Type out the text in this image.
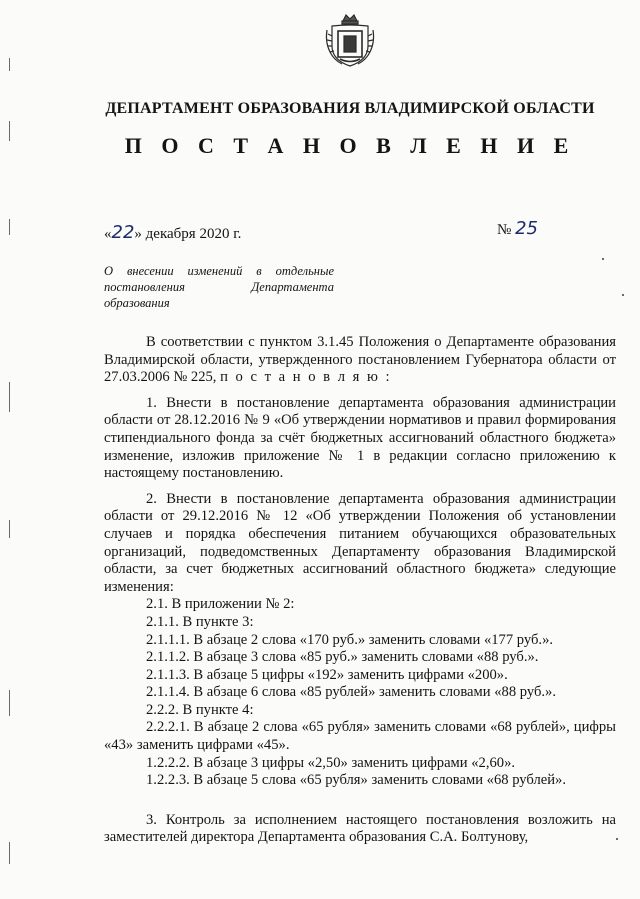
ДЕПАРТАМЕНТ ОБРАЗОВАНИЯ ВЛАДИМИРСКОЙ ОБЛАСТИ
П О С Т А Н О В Л Е Н И Е
«22» декабря 2020 г.	№ 25
О внесении изменений в отдельные постановления Департамента образования

В соответствии с пунктом 3.1.45 Положения о Департаменте образования Владимирской области, утвержденного постановлением Губернатора области от 27.03.2006 № 225, п о с т а н о в л я ю :

1. Внести в постановление департамента образования администрации области от 28.12.2016 № 9 «Об утверждении нормативов и правил формирования стипендиального фонда за счёт бюджетных ассигнований областного бюджета» изменение, изложив приложение № 1 в редакции согласно приложению к настоящему постановлению.

2. Внести в постановление департамента образования администрации области от 29.12.2016 № 12 «Об утверждении Положения об установлении случаев и порядка обеспечения питанием обучающихся образовательных организаций, подведомственных Департаменту образования Владимирской области, за счет бюджетных ассигнований областного бюджета» следующие изменения:

2.1. В приложении № 2:

2.1.1. В пункте 3:

2.1.1.1. В абзаце 2 слова «170 руб.» заменить словами «177 руб.».

2.1.1.2. В абзаце 3 слова «85 руб.» заменить словами «88 руб.».

2.1.1.3. В абзаце 5 цифры «192» заменить цифрами «200».

2.1.1.4. В абзаце 6 слова «85 рублей» заменить словами «88 руб.».

2.2.2. В пункте 4:

2.2.2.1. В абзаце 2 слова «65 рубля» заменить словами «68 рублей», цифры «43» заменить цифрами «45».

1.2.2.2. В абзаце 3 цифры «2,50» заменить цифрами «2,60».

1.2.2.3. В абзаце 5 слова «65 рубля» заменить словами «68 рублей».

3. Контроль за исполнением настоящего постановления возложить на заместителей директора Департамента образования С.А. Болтунову,
